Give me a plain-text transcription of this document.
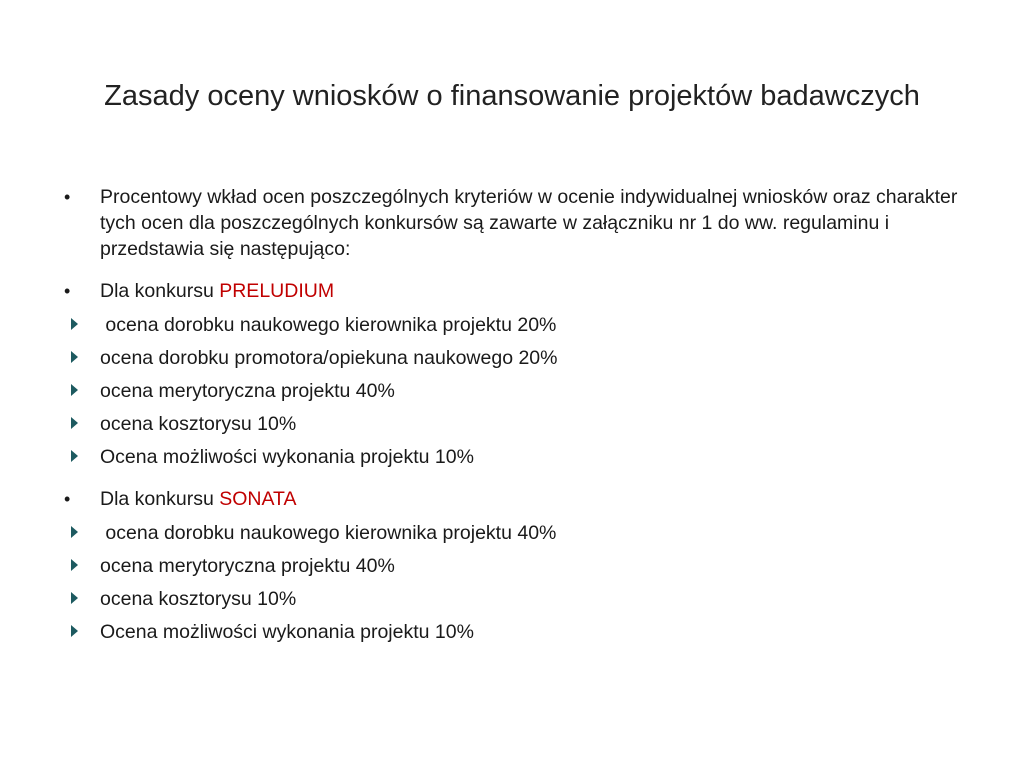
Zasady oceny wniosków o finansowanie projektów badawczych
•	Procentowy wkład ocen poszczególnych kryteriów w ocenie indywidualnej wniosków oraz charakter tych ocen dla poszczególnych konkursów są zawarte w załączniku nr 1 do ww. regulaminu i przedstawia się następująco:
•	Dla konkursu PRELUDIUM
ocena dorobku naukowego kierownika projektu 20%
ocena dorobku promotora/opiekuna naukowego 20%
ocena merytoryczna projektu 40%
ocena kosztorysu 10%
Ocena możliwości wykonania projektu 10%
•	Dla konkursu SONATA
ocena dorobku naukowego kierownika projektu 40%
ocena merytoryczna projektu 40%
ocena kosztorysu 10%
Ocena możliwości wykonania projektu 10%
